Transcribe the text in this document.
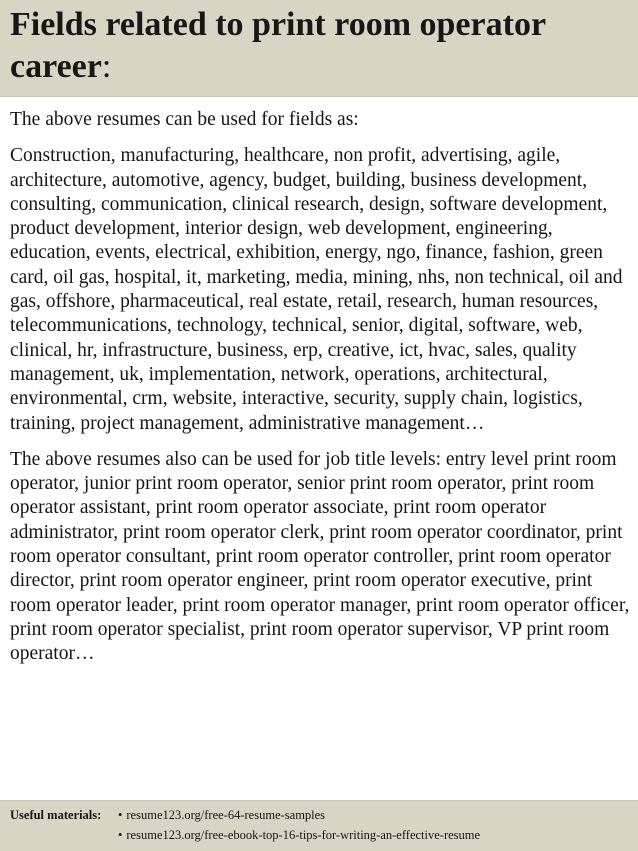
Fields related to print room operator career:

The above resumes can be used for fields as:

Construction, manufacturing, healthcare, non profit, advertising, agile, architecture, automotive, agency, budget, building, business development, consulting, communication, clinical research, design, software development, product development, interior design, web development, engineering, education, events, electrical, exhibition, energy, ngo, finance, fashion, green card, oil gas, hospital, it, marketing, media, mining, nhs, non technical, oil and gas, offshore, pharmaceutical, real estate, retail, research, human resources, telecommunications, technology, technical, senior, digital, software, web, clinical, hr, infrastructure, business, erp, creative, ict, hvac, sales, quality management, uk, implementation, network, operations, architectural, environmental, crm, website, interactive, security, supply chain, logistics, training, project management, administrative management…

The above resumes also can be used for job title levels: entry level print room operator, junior print room operator, senior print room operator, print room operator assistant, print room operator associate, print room operator administrator, print room operator clerk, print room operator coordinator, print room operator consultant, print room operator controller, print room operator director, print room operator engineer, print room operator executive, print room operator leader, print room operator manager, print room operator officer, print room operator specialist, print room operator supervisor, VP print room operator…

Useful materials: • resume123.org/free-64-resume-samples
• resume123.org/free-ebook-top-16-tips-for-writing-an-effective-resume
